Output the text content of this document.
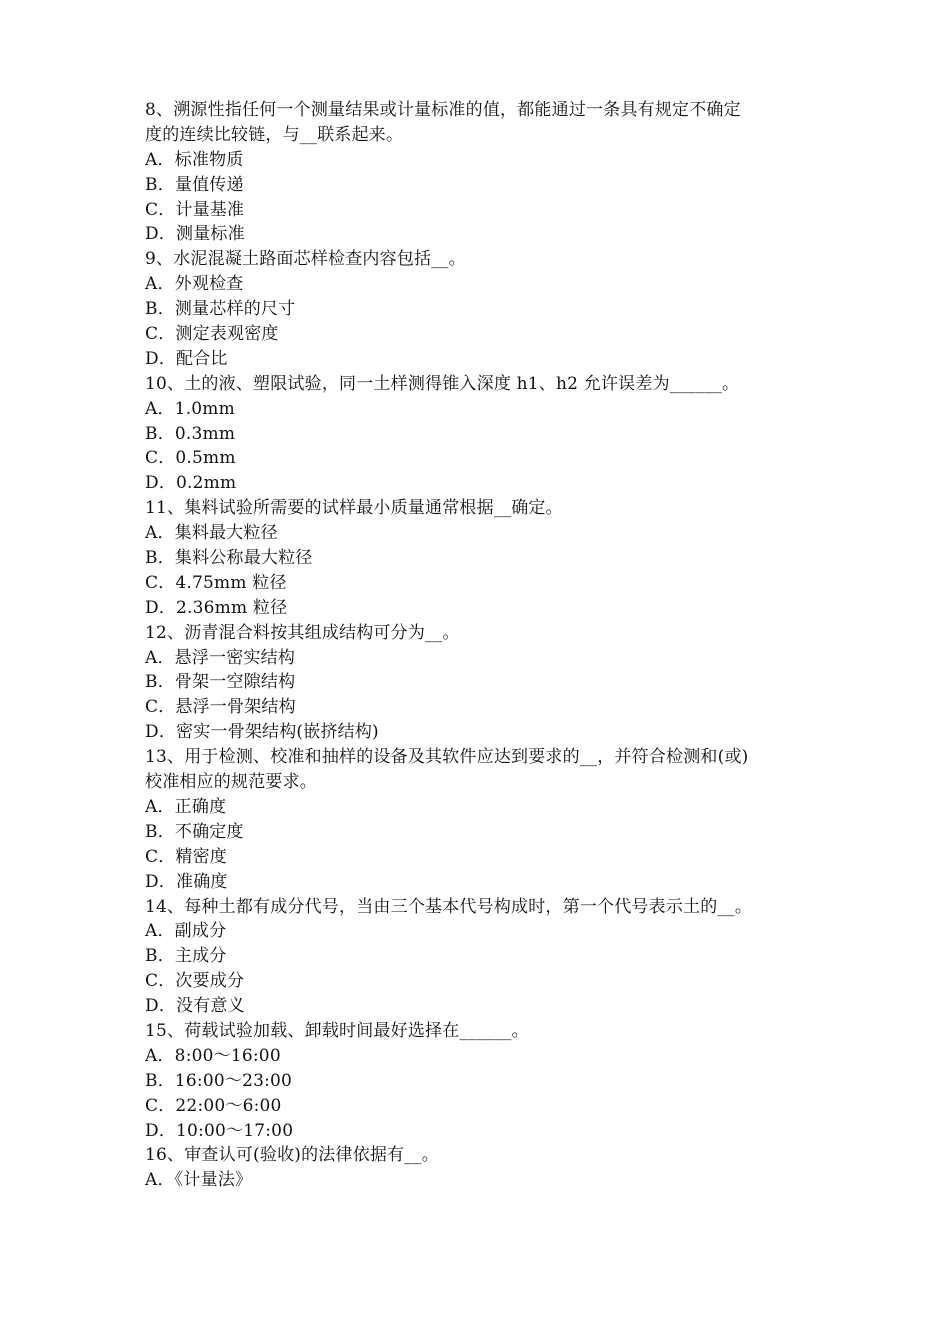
8、溯源性指任何一个测量结果或计量标准的值，都能通过一条具有规定不确定
度的连续比较链，与__联系起来。
A．标准物质
B．量值传递
C．计量基准
D．测量标准
9、水泥混凝土路面芯样检查内容包括__。
A．外观检查
B．测量芯样的尺寸
C．测定表观密度
D．配合比
10、土的液、塑限试验，同一土样测得锥入深度 h1、h2 允许误差为______。
A．1.0mm
B．0.3mm
C．0.5mm
D．0.2mm
11、集料试验所需要的试样最小质量通常根据__确定。
A．集料最大粒径
B．集料公称最大粒径
C．4.75mm 粒径
D．2.36mm 粒径
12、沥青混合料按其组成结构可分为__。
A．悬浮一密实结构
B．骨架一空隙结构
C．悬浮一骨架结构
D．密实一骨架结构(嵌挤结构)
13、用于检测、校准和抽样的设备及其软件应达到要求的__，并符合检测和(或)
校准相应的规范要求。
A．正确度
B．不确定度
C．精密度
D．准确度
14、每种土都有成分代号，当由三个基本代号构成时，第一个代号表示土的__。
A．副成分
B．主成分
C．次要成分
D．没有意义
15、荷载试验加载、卸载时间最好选择在______。
A．8:00～16:00
B．16:00～23:00
C．22:00～6:00
D．10:00～17:00
16、审查认可(验收)的法律依据有__。
A．《计量法》
